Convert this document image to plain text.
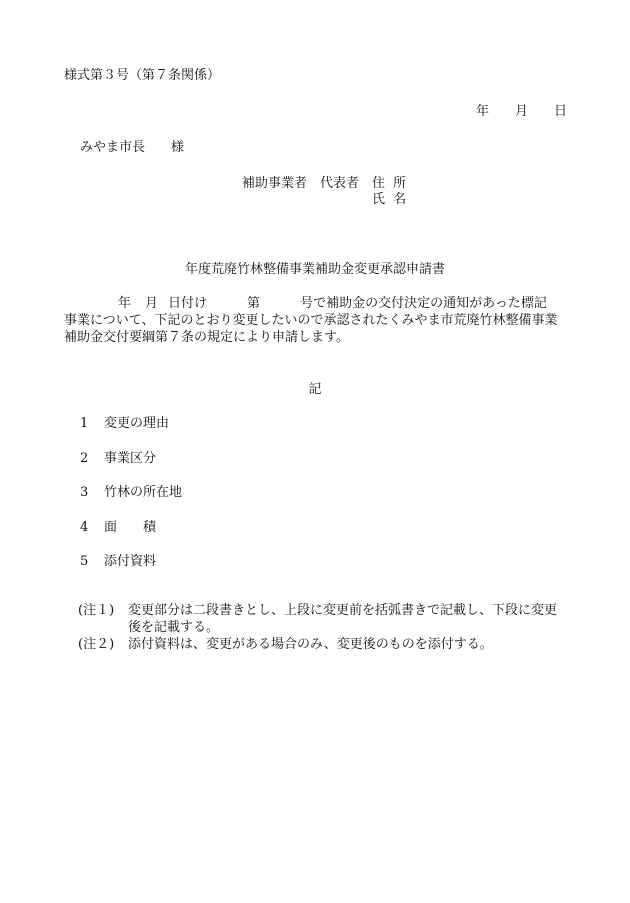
様式第３号（第７条関係）
年 月 日
みやま市長 様
補助事業者　代表者 住 所
氏 名
年度荒廃竹林整備事業補助金変更承認申請書
年 月 日付け	第	号で補助金の交付決定の通知があった標記
事業について、下記のとおり変更したいので承認されたくみやま市荒廃竹林整備事業
補助金交付要綱第７条の規定により申請します。
記
1 変更の理由
2 事業区分
3 竹林の所在地
4 面 積
5 添付資料
(注１) 変更部分は二段書きとし、上段に変更前を括弧書きで記載し、下段に変更
後を記載する。
(注２) 添付資料は、変更がある場合のみ、変更後のものを添付する。
